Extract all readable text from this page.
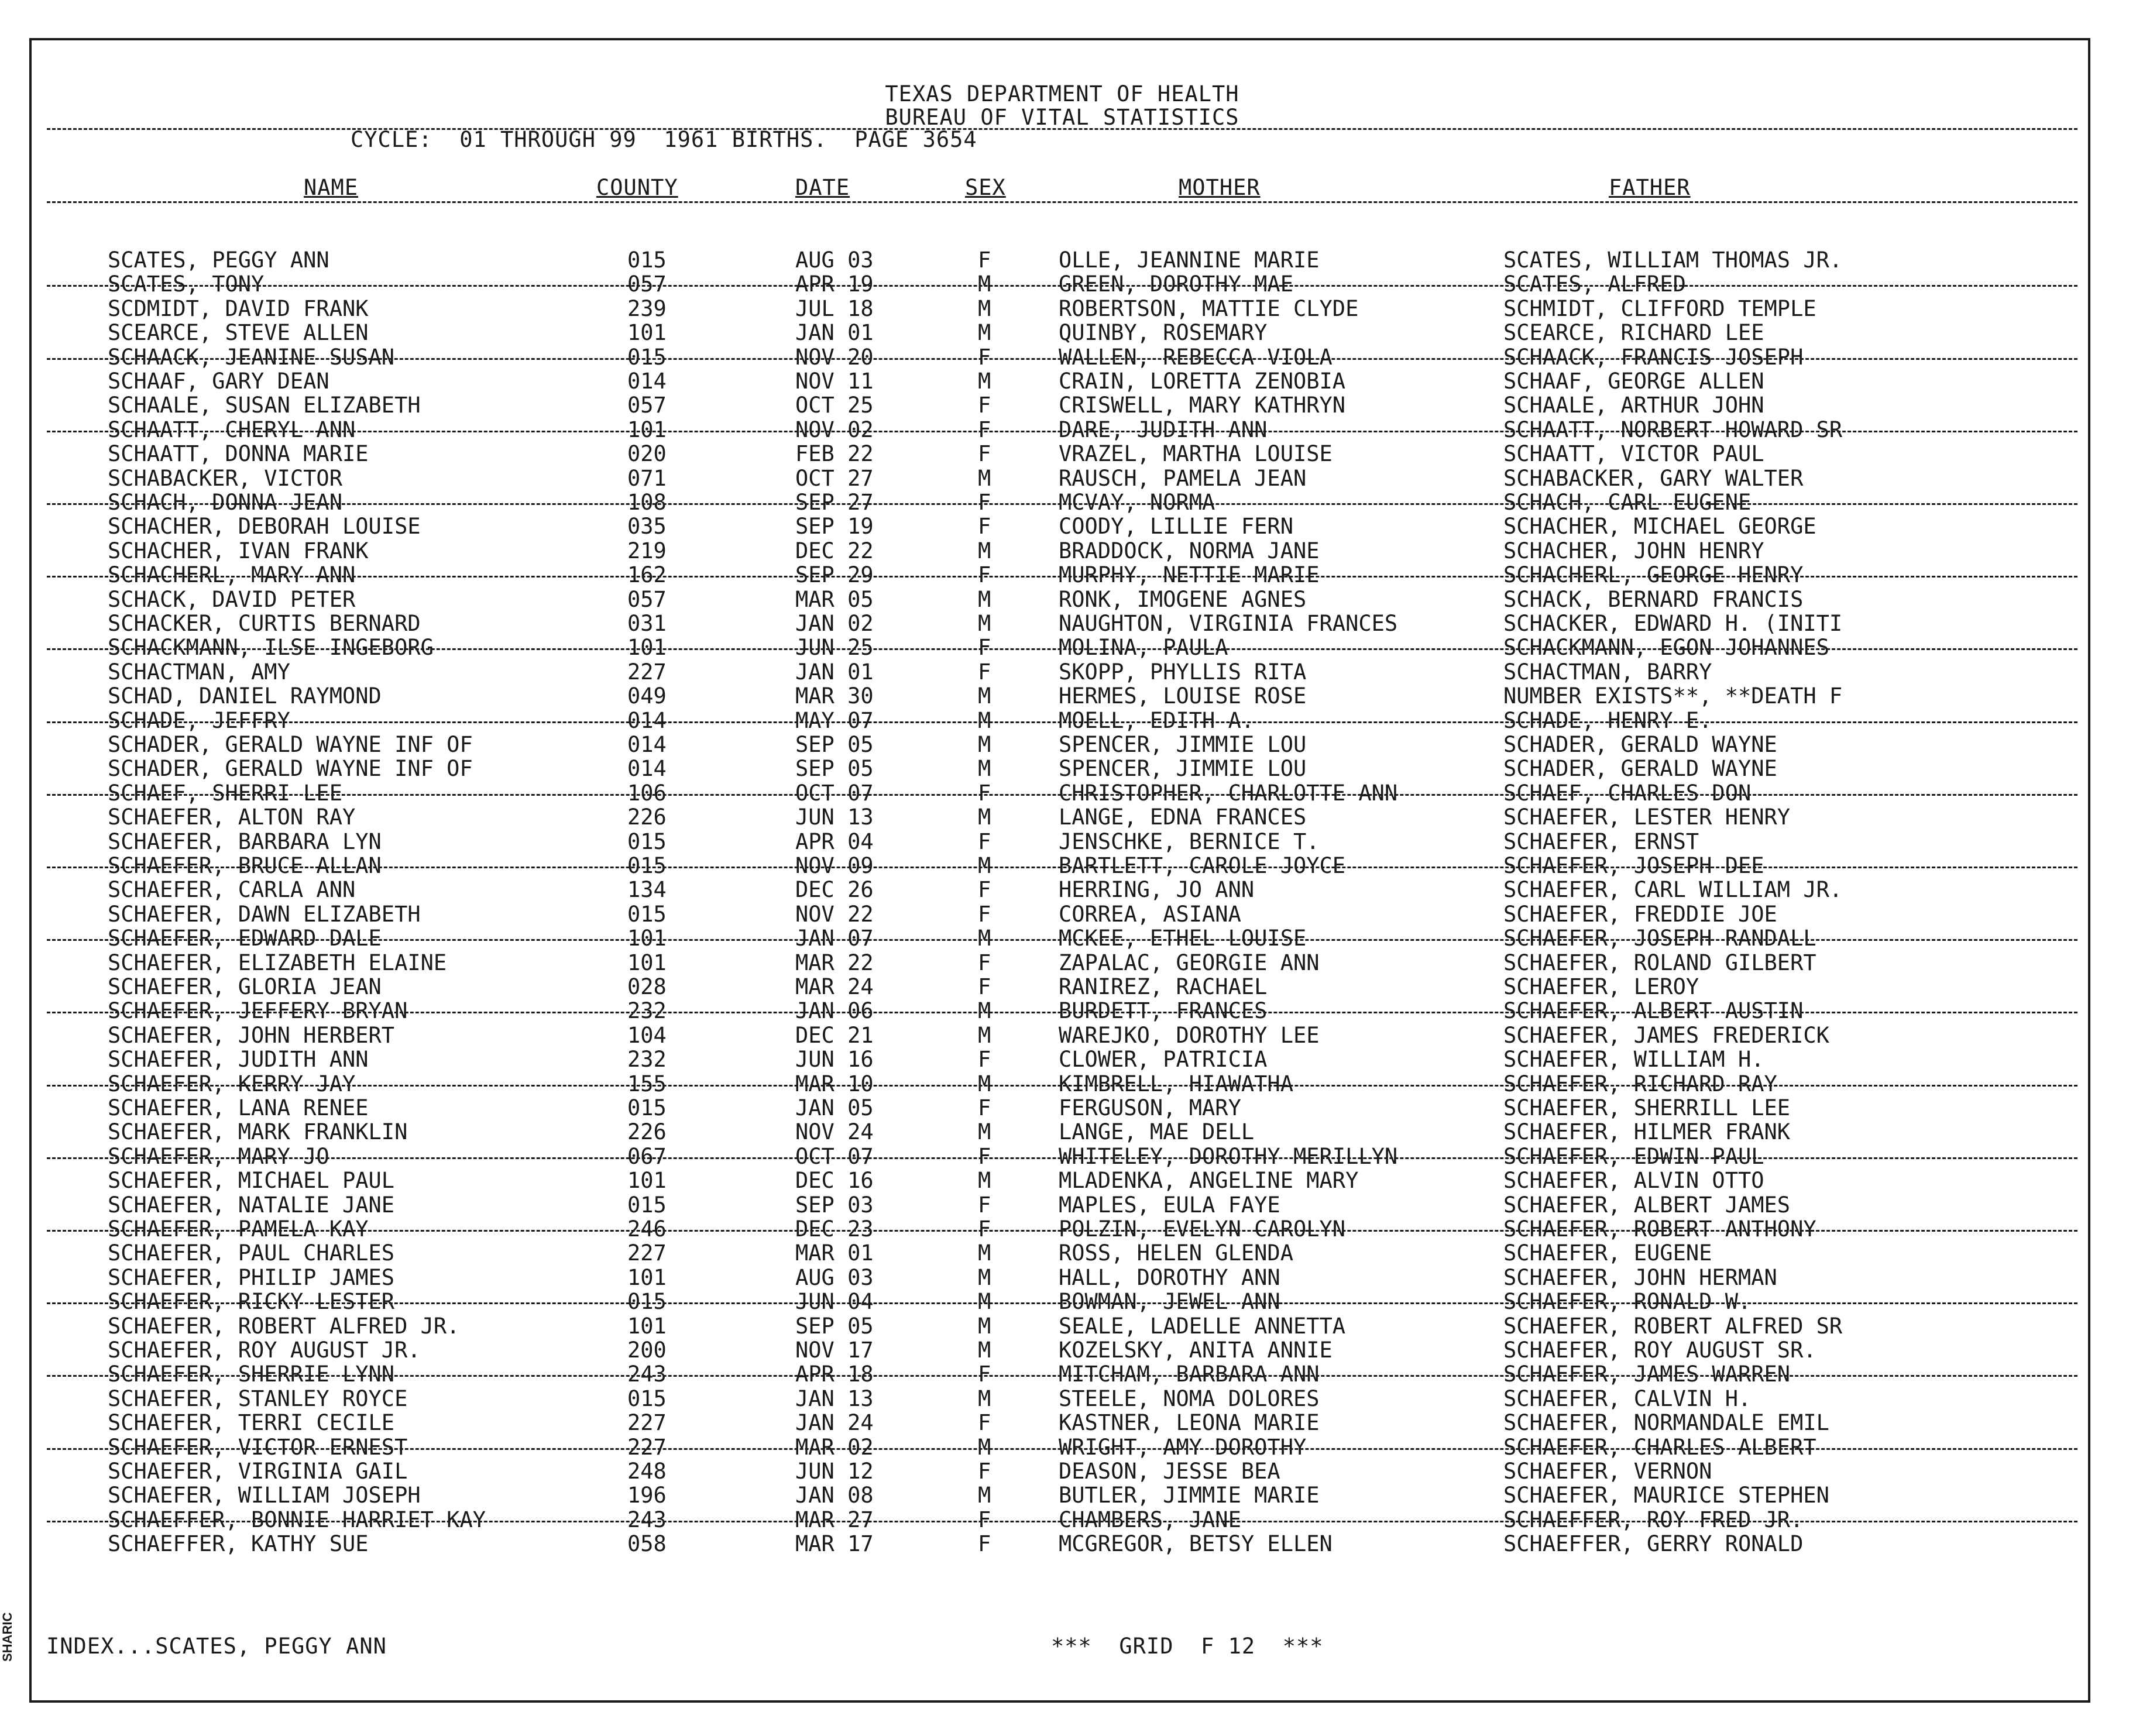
TEXAS DEPARTMENT OF HEALTH
BUREAU OF VITAL STATISTICS
CYCLE:  01 THROUGH 99  1961 BIRTHS.  PAGE 3654
NAME	COUNTY	DATE	SEX	MOTHER	FATHER
SCATES, PEGGY ANN	015	AUG 03	F	OLLE, JEANNINE MARIE	SCATES, WILLIAM THOMAS JR.
SCATES, TONY	057	APR 19	M	GREEN, DOROTHY MAE	SCATES, ALFRED
SCDMIDT, DAVID FRANK	239	JUL 18	M	ROBERTSON, MATTIE CLYDE	SCHMIDT, CLIFFORD TEMPLE
SCEARCE, STEVE ALLEN	101	JAN 01	M	QUINBY, ROSEMARY	SCEARCE, RICHARD LEE
SCHAACK, JEANINE SUSAN	015	NOV 20	F	WALLEN, REBECCA VIOLA	SCHAACK, FRANCIS JOSEPH
SCHAAF, GARY DEAN	014	NOV 11	M	CRAIN, LORETTA ZENOBIA	SCHAAF, GEORGE ALLEN
SCHAALE, SUSAN ELIZABETH	057	OCT 25	F	CRISWELL, MARY KATHRYN	SCHAALE, ARTHUR JOHN
SCHAATT, CHERYL ANN	101	NOV 02	F	DARE, JUDITH ANN	SCHAATT, NORBERT HOWARD SR
SCHAATT, DONNA MARIE	020	FEB 22	F	VRAZEL, MARTHA LOUISE	SCHAATT, VICTOR PAUL
SCHABACKER, VICTOR	071	OCT 27	M	RAUSCH, PAMELA JEAN	SCHABACKER, GARY WALTER
SCHACH, DONNA JEAN	108	SEP 27	F	MCVAY, NORMA	SCHACH, CARL EUGENE
SCHACHER, DEBORAH LOUISE	035	SEP 19	F	COODY, LILLIE FERN	SCHACHER, MICHAEL GEORGE
SCHACHER, IVAN FRANK	219	DEC 22	M	BRADDOCK, NORMA JANE	SCHACHER, JOHN HENRY
SCHACHERL, MARY ANN	162	SEP 29	F	MURPHY, NETTIE MARIE	SCHACHERL, GEORGE HENRY
SCHACK, DAVID PETER	057	MAR 05	M	RONK, IMOGENE AGNES	SCHACK, BERNARD FRANCIS
SCHACKER, CURTIS BERNARD	031	JAN 02	M	NAUGHTON, VIRGINIA FRANCES	SCHACKER, EDWARD H. (INITI
SCHACKMANN, ILSE INGEBORG	101	JUN 25	F	MOLINA, PAULA	SCHACKMANN, EGON JOHANNES
SCHACTMAN, AMY	227	JAN 01	F	SKOPP, PHYLLIS RITA	SCHACTMAN, BARRY
SCHAD, DANIEL RAYMOND	049	MAR 30	M	HERMES, LOUISE ROSE	NUMBER EXISTS**, **DEATH F
SCHADE, JEFFRY	014	MAY 07	M	MOELL, EDITH A.	SCHADE, HENRY E.
SCHADER, GERALD WAYNE INF OF	014	SEP 05	M	SPENCER, JIMMIE LOU	SCHADER, GERALD WAYNE
SCHADER, GERALD WAYNE INF OF	014	SEP 05	M	SPENCER, JIMMIE LOU	SCHADER, GERALD WAYNE
SCHAEF, SHERRI LEE	106	OCT 07	F	CHRISTOPHER, CHARLOTTE ANN	SCHAEF, CHARLES DON
SCHAEFER, ALTON RAY	226	JUN 13	M	LANGE, EDNA FRANCES	SCHAEFER, LESTER HENRY
SCHAEFER, BARBARA LYN	015	APR 04	F	JENSCHKE, BERNICE T.	SCHAEFER, ERNST
SCHAEFER, BRUCE ALLAN	015	NOV 09	M	BARTLETT, CAROLE JOYCE	SCHAEFER, JOSEPH DEE
SCHAEFER, CARLA ANN	134	DEC 26	F	HERRING, JO ANN	SCHAEFER, CARL WILLIAM JR.
SCHAEFER, DAWN ELIZABETH	015	NOV 22	F	CORREA, ASIANA	SCHAEFER, FREDDIE JOE
SCHAEFER, EDWARD DALE	101	JAN 07	M	MCKEE, ETHEL LOUISE	SCHAEFER, JOSEPH RANDALL
SCHAEFER, ELIZABETH ELAINE	101	MAR 22	F	ZAPALAC, GEORGIE ANN	SCHAEFER, ROLAND GILBERT
SCHAEFER, GLORIA JEAN	028	MAR 24	F	RANIREZ, RACHAEL	SCHAEFER, LEROY
SCHAEFER, JEFFERY BRYAN	232	JAN 06	M	BURDETT, FRANCES	SCHAEFER, ALBERT AUSTIN
SCHAEFER, JOHN HERBERT	104	DEC 21	M	WAREJKO, DOROTHY LEE	SCHAEFER, JAMES FREDERICK
SCHAEFER, JUDITH ANN	232	JUN 16	F	CLOWER, PATRICIA	SCHAEFER, WILLIAM H.
SCHAEFER, KERRY JAY	155	MAR 10	M	KIMBRELL, HIAWATHA	SCHAEFER, RICHARD RAY
SCHAEFER, LANA RENEE	015	JAN 05	F	FERGUSON, MARY	SCHAEFER, SHERRILL LEE
SCHAEFER, MARK FRANKLIN	226	NOV 24	M	LANGE, MAE DELL	SCHAEFER, HILMER FRANK
SCHAEFER, MARY JO	067	OCT 07	F	WHITELEY, DOROTHY MERILLYN	SCHAEFER, EDWIN PAUL
SCHAEFER, MICHAEL PAUL	101	DEC 16	M	MLADENKA, ANGELINE MARY	SCHAEFER, ALVIN OTTO
SCHAEFER, NATALIE JANE	015	SEP 03	F	MAPLES, EULA FAYE	SCHAEFER, ALBERT JAMES
SCHAEFER, PAMELA KAY	246	DEC 23	F	POLZIN, EVELYN CAROLYN	SCHAEFER, ROBERT ANTHONY
SCHAEFER, PAUL CHARLES	227	MAR 01	M	ROSS, HELEN GLENDA	SCHAEFER, EUGENE
SCHAEFER, PHILIP JAMES	101	AUG 03	M	HALL, DOROTHY ANN	SCHAEFER, JOHN HERMAN
SCHAEFER, RICKY LESTER	015	JUN 04	M	BOWMAN, JEWEL ANN	SCHAEFER, RONALD W.
SCHAEFER, ROBERT ALFRED JR.	101	SEP 05	M	SEALE, LADELLE ANNETTA	SCHAEFER, ROBERT ALFRED SR
SCHAEFER, ROY AUGUST JR.	200	NOV 17	M	KOZELSKY, ANITA ANNIE	SCHAEFER, ROY AUGUST SR.
SCHAEFER, SHERRIE LYNN	243	APR 18	F	MITCHAM, BARBARA ANN	SCHAEFER, JAMES WARREN
SCHAEFER, STANLEY ROYCE	015	JAN 13	M	STEELE, NOMA DOLORES	SCHAEFER, CALVIN H.
SCHAEFER, TERRI CECILE	227	JAN 24	F	KASTNER, LEONA MARIE	SCHAEFER, NORMANDALE EMIL
SCHAEFER, VICTOR ERNEST	227	MAR 02	M	WRIGHT, AMY DOROTHY	SCHAEFER, CHARLES ALBERT
SCHAEFER, VIRGINIA GAIL	248	JUN 12	F	DEASON, JESSE BEA	SCHAEFER, VERNON
SCHAEFER, WILLIAM JOSEPH	196	JAN 08	M	BUTLER, JIMMIE MARIE	SCHAEFER, MAURICE STEPHEN
SCHAEFFER, BONNIE HARRIET KAY	243	MAR 27	F	CHAMBERS, JANE	SCHAEFFER, ROY FRED JR.
SCHAEFFER, KATHY SUE	058	MAR 17	F	MCGREGOR, BETSY ELLEN	SCHAEFFER, GERRY RONALD
INDEX...SCATES, PEGGY ANN	***  GRID  F 12  ***
SHARIC
